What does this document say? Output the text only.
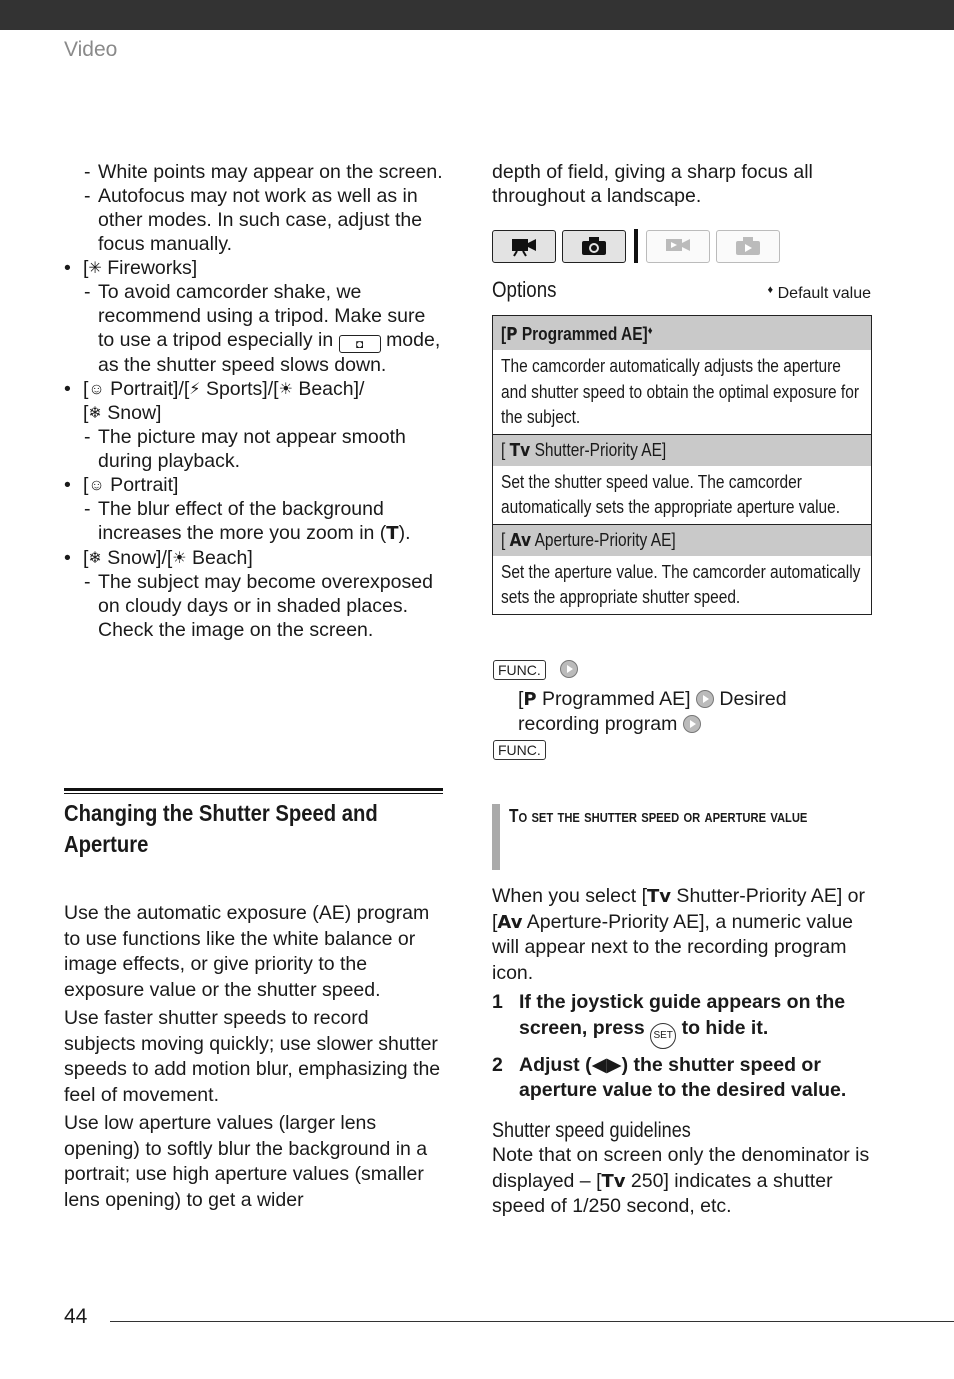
Video
- White points may appear on the screen.
- Autofocus may not work as well as in other modes. In such case, adjust the focus manually.
• [✳ Fireworks]
- To avoid camcorder shake, we recommend using a tripod. Make sure to use a tripod especially in ◘ mode, as the shutter speed slows down.
• [☺ Portrait]/[⚡ Sports]/[☀ Beach]/
[❄ Snow]
- The picture may not appear smooth during playback.
• [☺ Portrait]
- The blur effect of the background increases the more you zoom in (T).
• [❄ Snow]/[☀ Beach]
- The subject may become overexposed on cloudy days or in shaded places. Check the image on the screen.
Changing the Shutter Speed and Aperture

Use the automatic exposure (AE) program to use functions like the white balance or image effects, or give priority to the exposure value or the shutter speed.

Use faster shutter speeds to record subjects moving quickly; use slower shutter speeds to add motion blur, emphasizing the feel of movement.

Use low aperture values (larger lens opening) to softly blur the background in a portrait; use high aperture values (smaller lens opening) to get a wider

depth of field, giving a sharp focus all throughout a landscape.
Options	♦ Default value
[P Programmed AE]♦
The camcorder automatically adjusts the aperture and shutter speed to obtain the optimal exposure for the subject.
[ Tv Shutter-Priority AE]
Set the shutter speed value. The camcorder automatically sets the appropriate aperture value.
[ Av Aperture-Priority AE]
Set the aperture value. The camcorder automatically sets the appropriate shutter speed.
FUNC.
[P Programmed AE]  Desired recording program
FUNC.
To set the shutter speed or aperture value

When you select [Tv Shutter-Priority AE] or [Av Aperture-Priority AE], a numeric value will appear next to the recording program icon.

1 If the joystick guide appears on the screen, press SET to hide it.

2 Adjust (◀▶) the shutter speed or aperture value to the desired value.

Shutter speed guidelines

Note that on screen only the denominator is displayed – [Tv 250] indicates a shutter speed of 1/250 second, etc.

44
